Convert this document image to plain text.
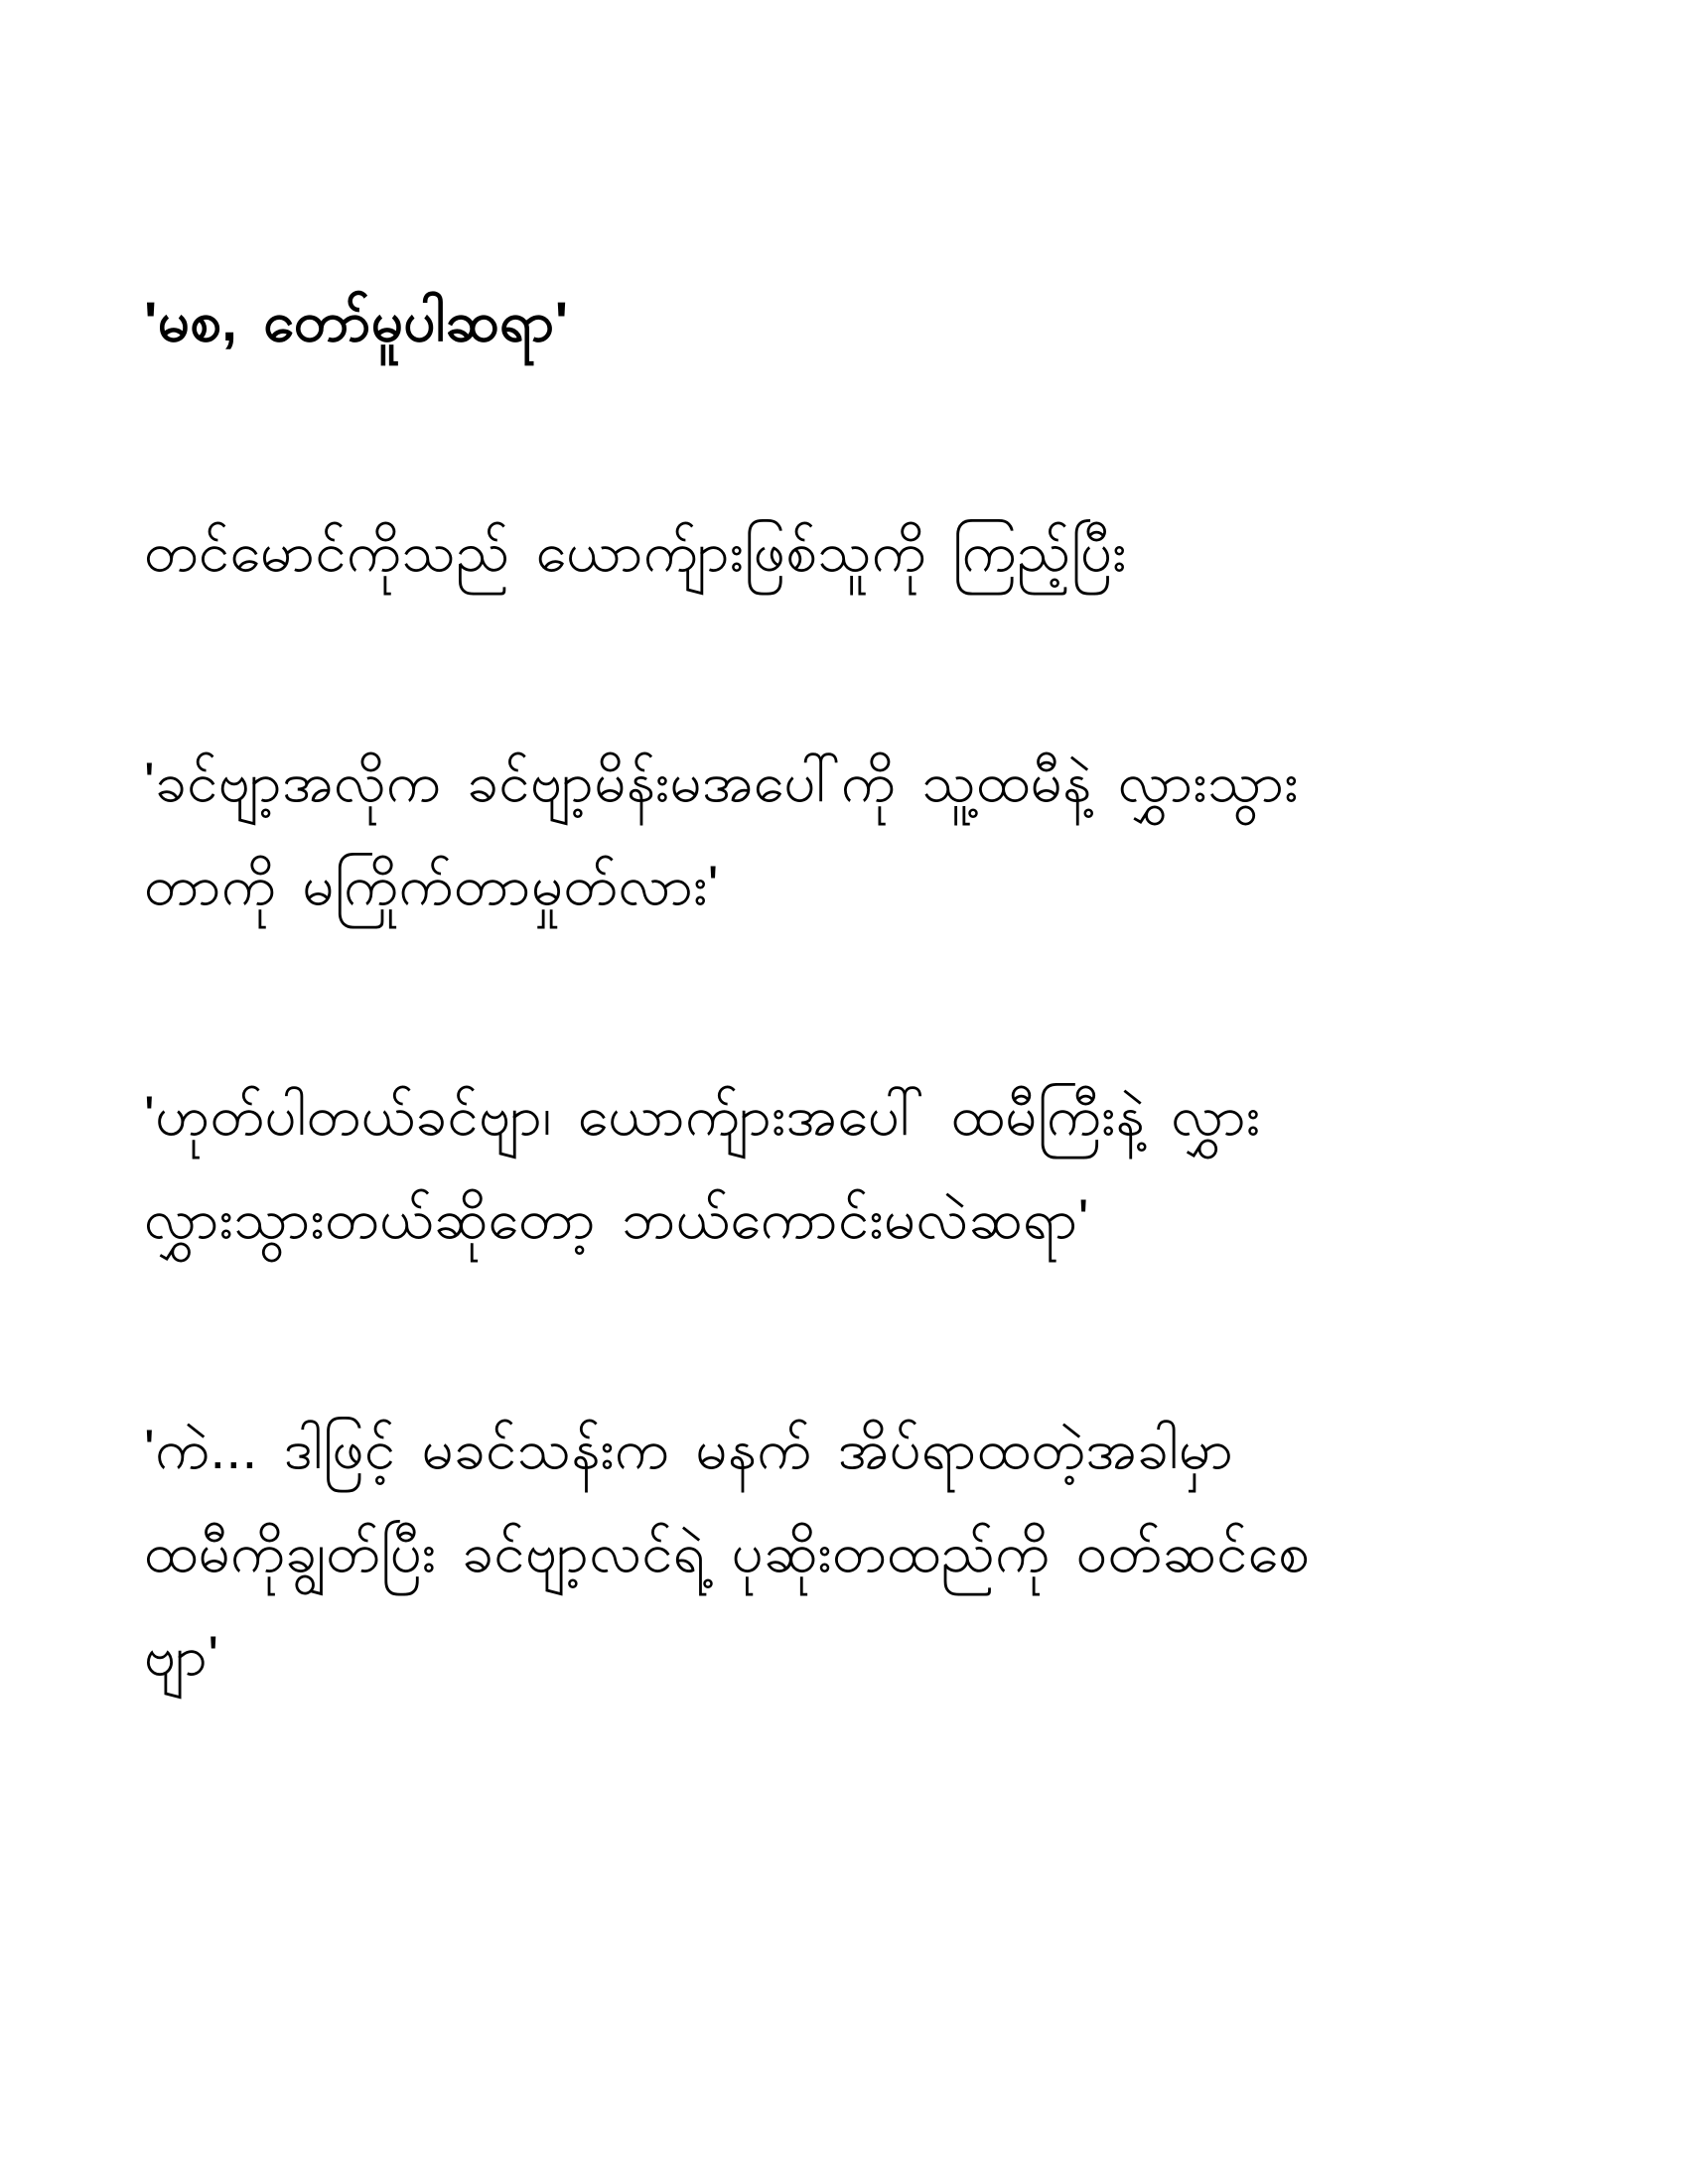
'မစ, တော်မူပါဆရာ'

တင်မောင်ကိုသည် ယောက်ျားဖြစ်သူကို ကြည့်ပြီး

'ခင်ဗျာ့အလိုက ခင်ဗျာ့မိန်းမအပေါ်ကို သူ့ထမီနဲ့ လွှားသွား
တာကို မကြိုက်တာမှုတ်လား'

'ဟုတ်ပါတယ်ခင်ဗျာ၊ ယောက်ျားအပေါ် ထမီကြီးနဲ့ လွှား
လွှားသွားတယ်ဆိုတော့ ဘယ်ကောင်းမလဲဆရာ'

'ကဲ... ဒါဖြင့် မခင်သန်းက မနက် အိပ်ရာထတဲ့အခါမှာ
ထမီကိုချွတ်ပြီး ခင်ဗျာ့လင်ရဲ့ ပုဆိုးတထည်ကို ဝတ်ဆင်စေ
ဗျာ'
